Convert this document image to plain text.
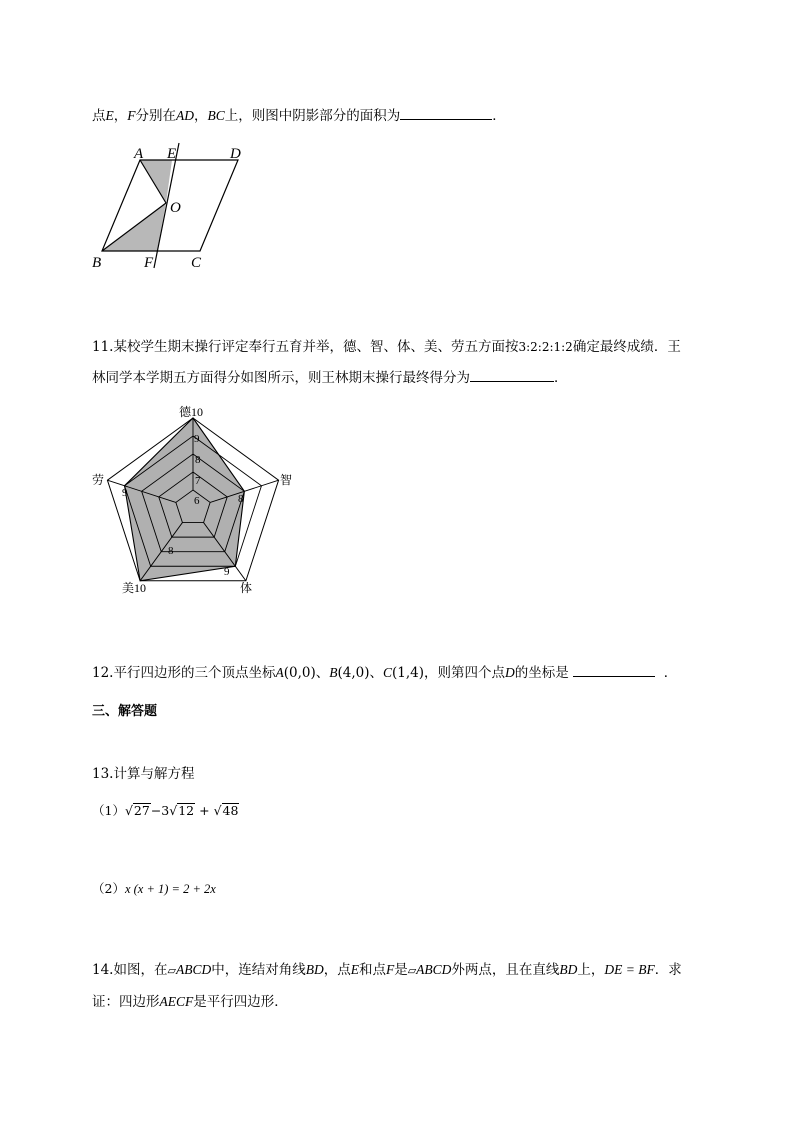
点E，F分别在AD，BC上，则图中阴影部分的面积为	．
A E	D
O
B	F	C
11.某校学生期末操行评定奉行五育并举，德、智、体、美、劳五方面按3:2:2:1:2确定最终成绩．王
林同学本学期五方面得分如图所示，则王林期末操行最终得分为	．
德10
智
体
美10
劳
6
7
8
9
8
9
8
9
12.平行四边形的三个顶点坐标A(0,0)、B(4,0)、C(1,4)，则第四个点D的坐标是	．
三、解答题
13.计算与解方程
（1）√27−3√12 + √48
（2）x (x + 1) = 2 + 2x
14.如图，在▱ABCD中，连结对角线BD，点E和点F是▱ABCD外两点，且在直线BD上，DE = BF．求
证：四边形AECF是平行四边形．
